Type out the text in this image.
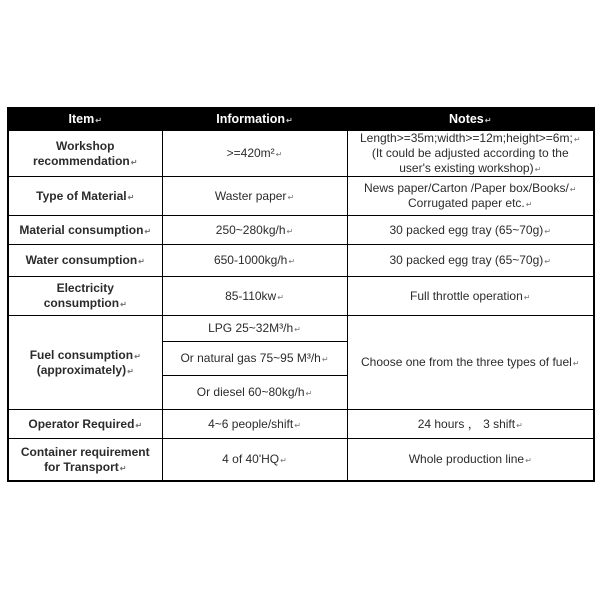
Item↵	Information↵	Notes↵

Workshop
recommendation↵	>=420m²↵	Length>=35m;width>=12m;height>=6m;↵
(It could be adjusted according to the
user's existing workshop)↵

Type of Material↵	Waster paper↵	News paper/Carton /Paper box/Books/↵
Corrugated paper etc.↵

Material consumption↵	250~280kg/h↵	30 packed egg tray (65~70g)↵
Water consumption↵	650-1000kg/h↵	30 packed egg tray (65~70g)↵

Electricity
consumption↵	85-110kw↵	Full throttle operation↵

Fuel consumption↵
(approximately)↵	LPG 25~32M³/h↵	Choose one from the three types of fuel↵
	Or natural gas 75~95 M³/h↵	
	Or diesel 60~80kg/h↵	
Operator Required↵	4~6 people/shift↵	24 hours ， 3 shift↵

Container requirement
for Transport↵	4 of 40'HQ↵	Whole production line↵
